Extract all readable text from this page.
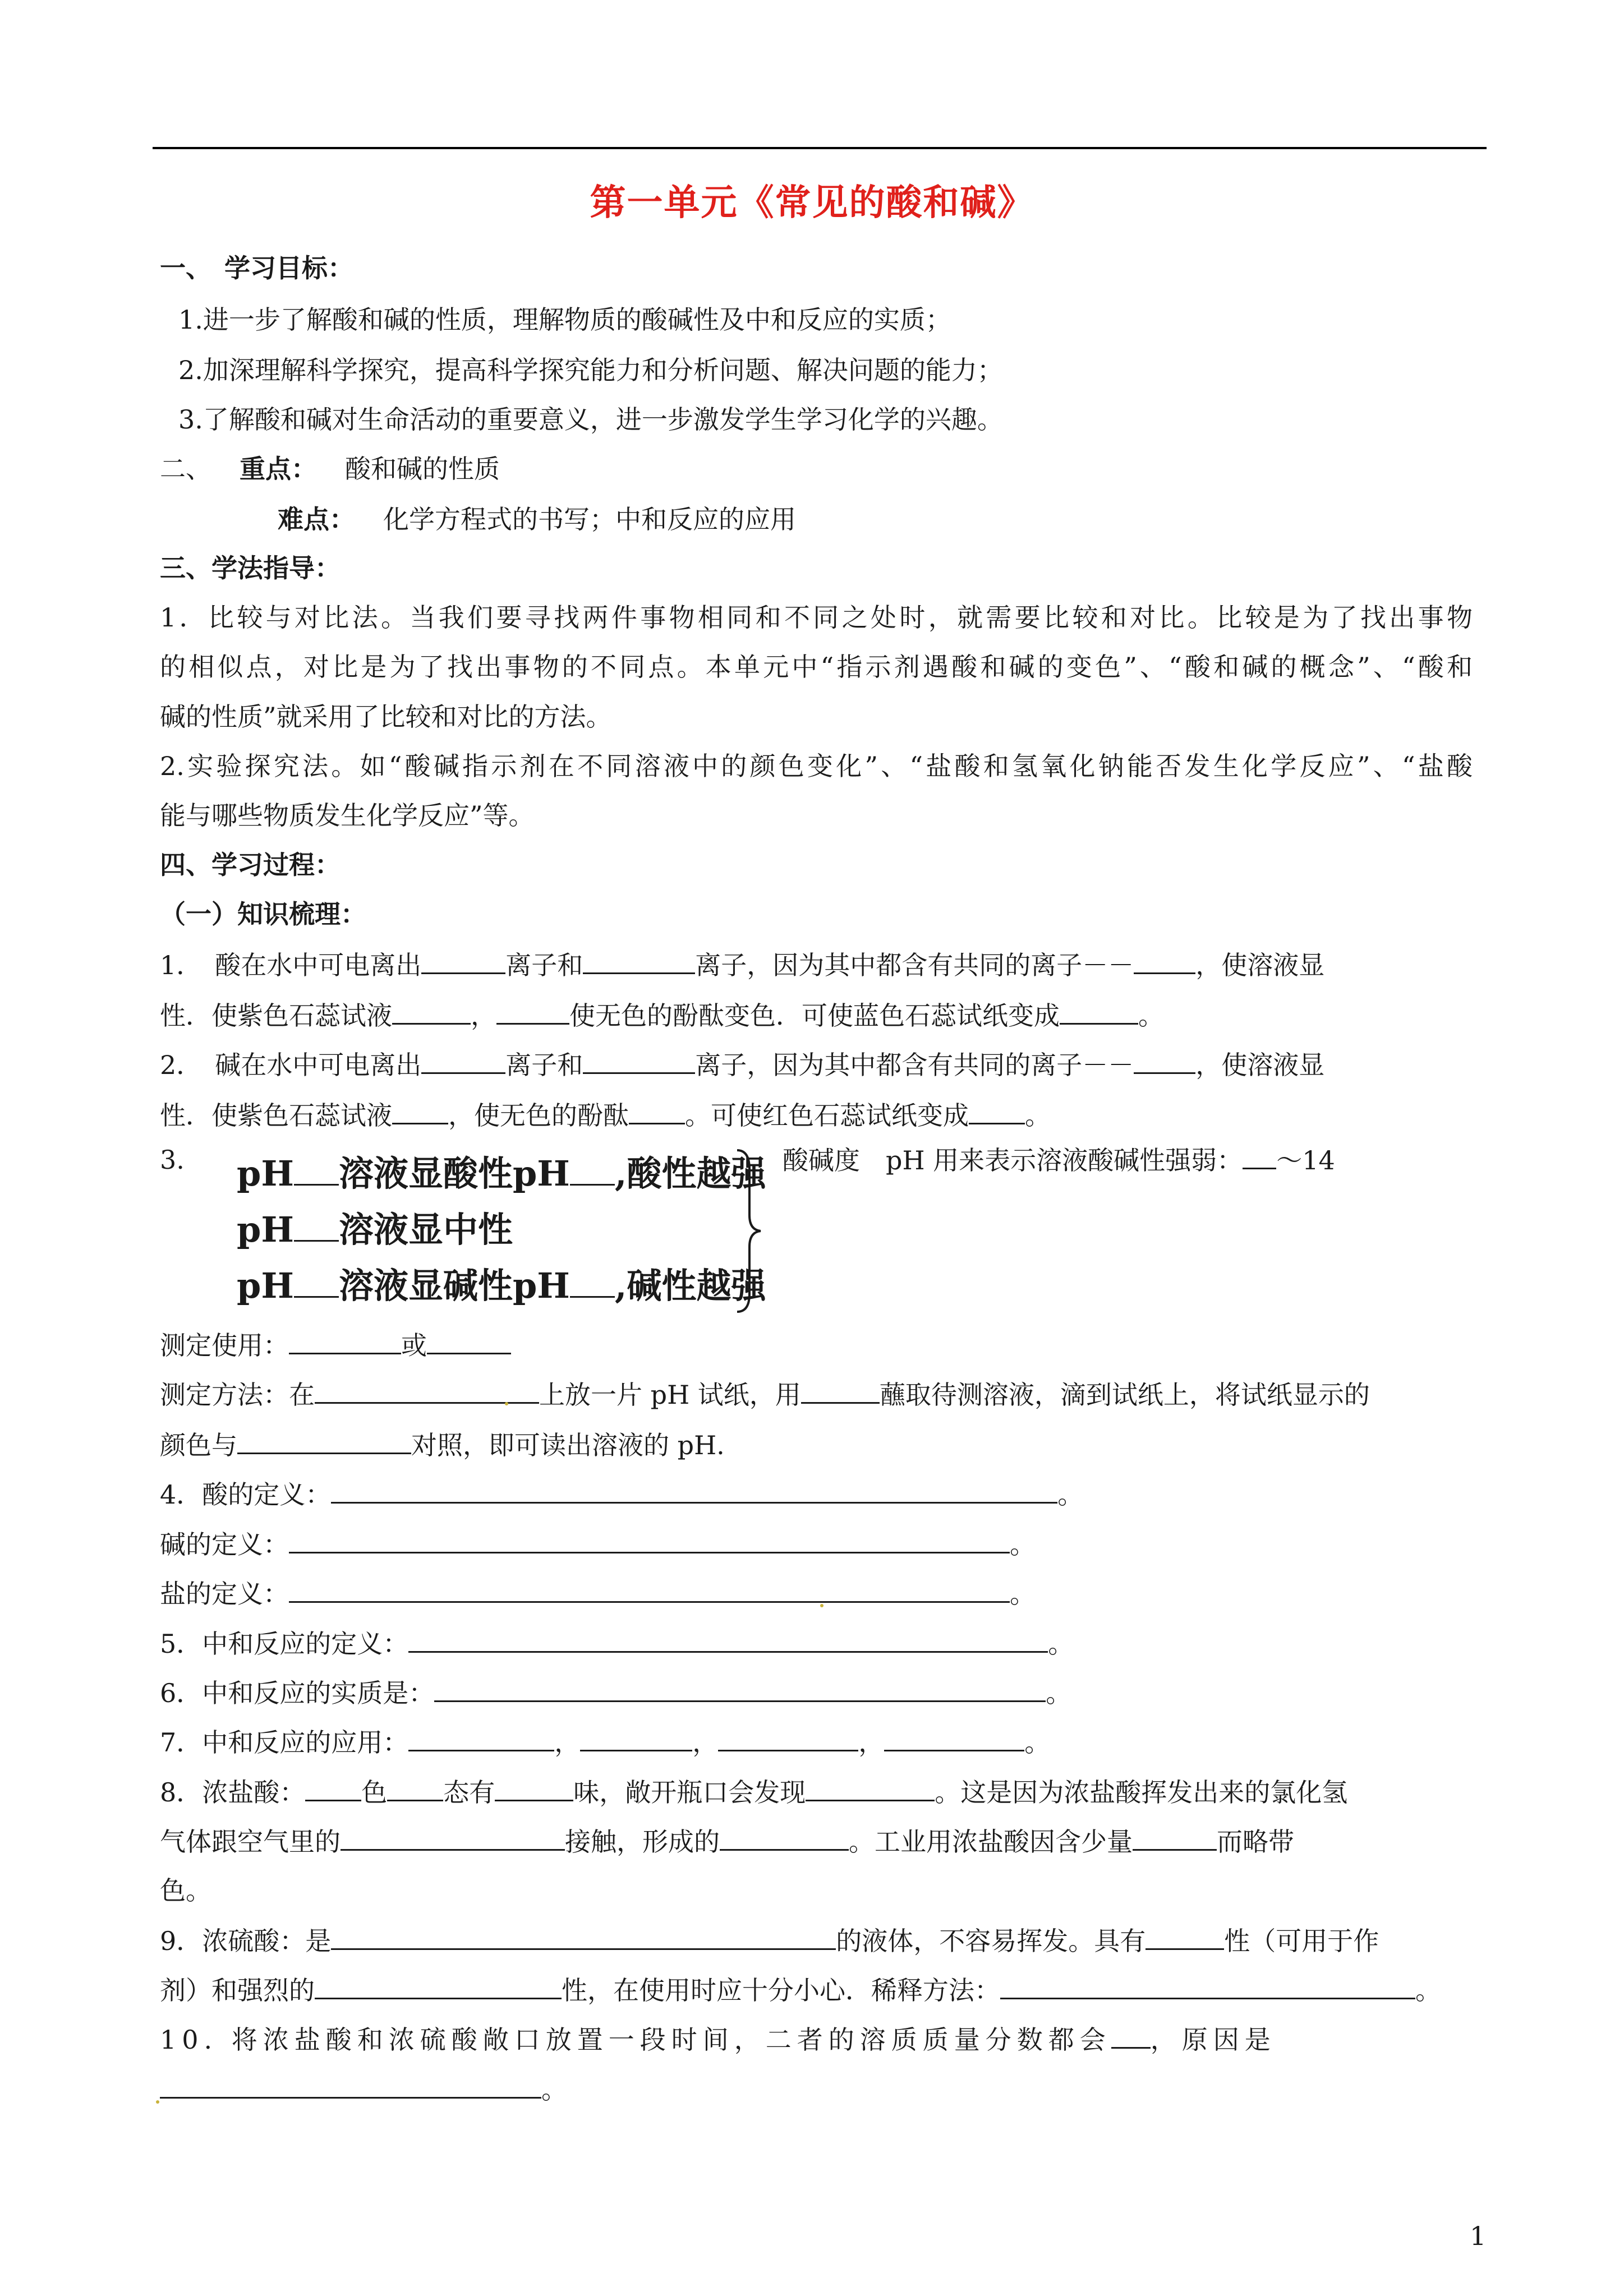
第一单元《常见的酸和碱》
一、　学习目标：
1.进一步了解酸和碱的性质，理解物质的酸碱性及中和反应的实质；
2.加深理解科学探究，提高科学探究能力和分析问题、解决问题的能力；
3.了解酸和碱对生命活动的重要意义，进一步激发学生学习化学的兴趣。
二、 重点： 酸和碱的性质
难点： 化学方程式的书写；中和反应的应用
三、学法指导：
1．比较与对比法。当我们要寻找两件事物相同和不同之处时，就需要比较和对比。比较是为了找出事物
的相似点，对比是为了找出事物的不同点。本单元中“指示剂遇酸和碱的变色”、“酸和碱的概念”、“酸和
碱的性质”就采用了比较和对比的方法。
2.实验探究法。如“酸碱指示剂在不同溶液中的颜色变化”、“盐酸和氢氧化钠能否发生化学反应”、“盐酸
能与哪些物质发生化学反应”等。
四、学习过程：
（一）知识梳理：
1．　酸在水中可电离出	离子和	离子，因为其中都含有共同的离子－－ ，使溶液显
性．使紫色石蕊试液	，	使无色的酚酞变色．可使蓝色石蕊试纸变成	。
2．　碱在水中可电离出	离子和	离子，因为其中都含有共同的离子－－ ，使溶液显
性．使紫色石蕊试液 ，使无色的酚酞 。可使红色石蕊试纸变成 。
3. pH 溶液显酸性pH ,酸性越强
pH 溶液显中性
pH 溶液显碱性pH ,碱性越强
酸碱度　pH 用来表示溶液酸碱性强弱： ～14
测定使用：	或
测定方法：在	上放一片 pH 试纸，用	蘸取待测溶液，滴到试纸上，将试纸显示的
颜色与	对照，即可读出溶液的 pH.
4．酸的定义：	。
碱的定义：	。
盐的定义：	。
5．中和反应的定义：	。
6．中和反应的实质是：	。
7．中和反应的应用：	，	，	，	。
8．浓盐酸： 色 态有	味，敞开瓶口会发现	。这是因为浓盐酸挥发出来的氯化氢
气体跟空气里的	接触，形成的	。工业用浓盐酸因含少量	而略带
色。
9．浓硫酸：是	的液体，不容易挥发。具有	性（可用于作
剂）和强烈的	性，在使用时应十分小心．稀释方法：	。
10. 将浓盐酸和浓硫酸敞口放置一段时间，二者的溶质质量分数都会 ，原因是
。
1
